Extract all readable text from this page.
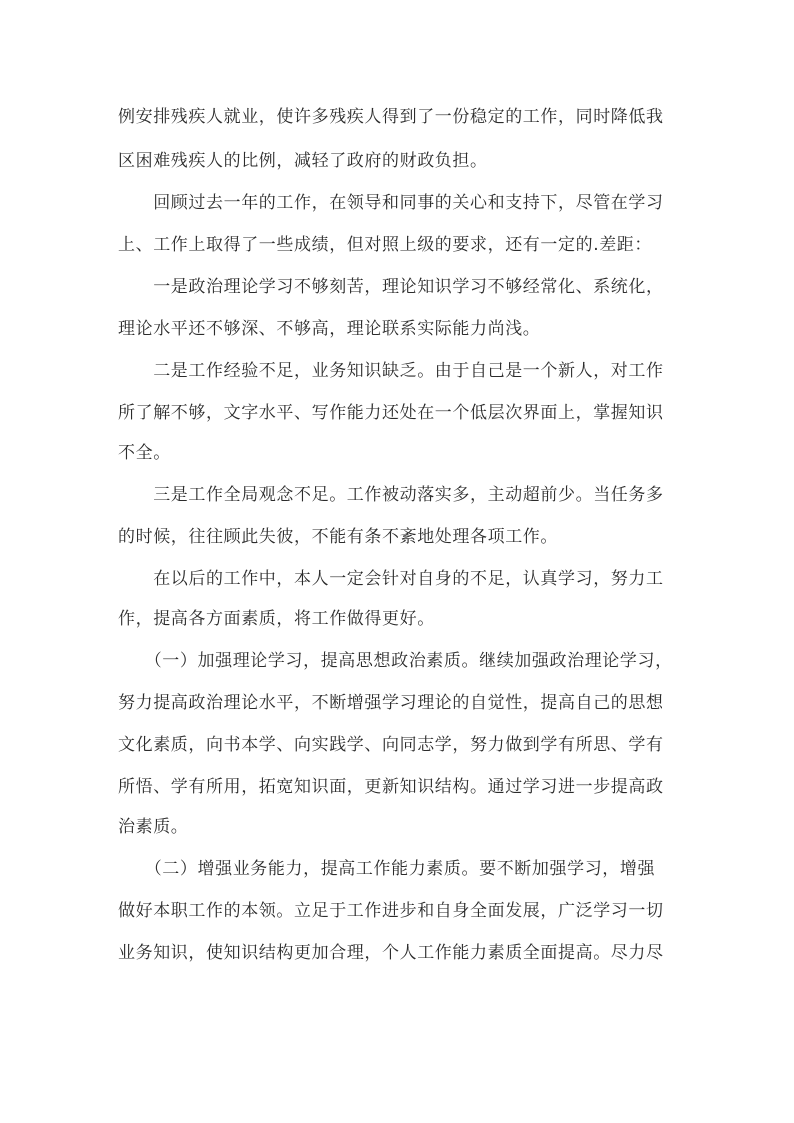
例安排残疾人就业，使许多残疾人得到了一份稳定的工作，同时降低我
区困难残疾人的比例，减轻了政府的财政负担。
　　回顾过去一年的工作，在领导和同事的关心和支持下，尽管在学习
上、工作上取得了一些成绩，但对照上级的要求，还有一定的.差距：
　　一是政治理论学习不够刻苦，理论知识学习不够经常化、系统化，
理论水平还不够深、不够高，理论联系实际能力尚浅。
　　二是工作经验不足，业务知识缺乏。由于自己是一个新人，对工作
所了解不够，文字水平、写作能力还处在一个低层次界面上，掌握知识
不全。
　　三是工作全局观念不足。工作被动落实多，主动超前少。当任务多
的时候，往往顾此失彼，不能有条不紊地处理各项工作。
　　在以后的工作中，本人一定会针对自身的不足，认真学习，努力工
作，提高各方面素质，将工作做得更好。
　　（一）加强理论学习，提高思想政治素质。继续加强政治理论学习，
努力提高政治理论水平，不断增强学习理论的自觉性，提高自己的思想
文化素质，向书本学、向实践学、向同志学，努力做到学有所思、学有
所悟、学有所用，拓宽知识面，更新知识结构。通过学习进一步提高政
治素质。
　　（二）增强业务能力，提高工作能力素质。要不断加强学习，增强
做好本职工作的本领。立足于工作进步和自身全面发展，广泛学习一切
业务知识，使知识结构更加合理，个人工作能力素质全面提高。尽力尽
